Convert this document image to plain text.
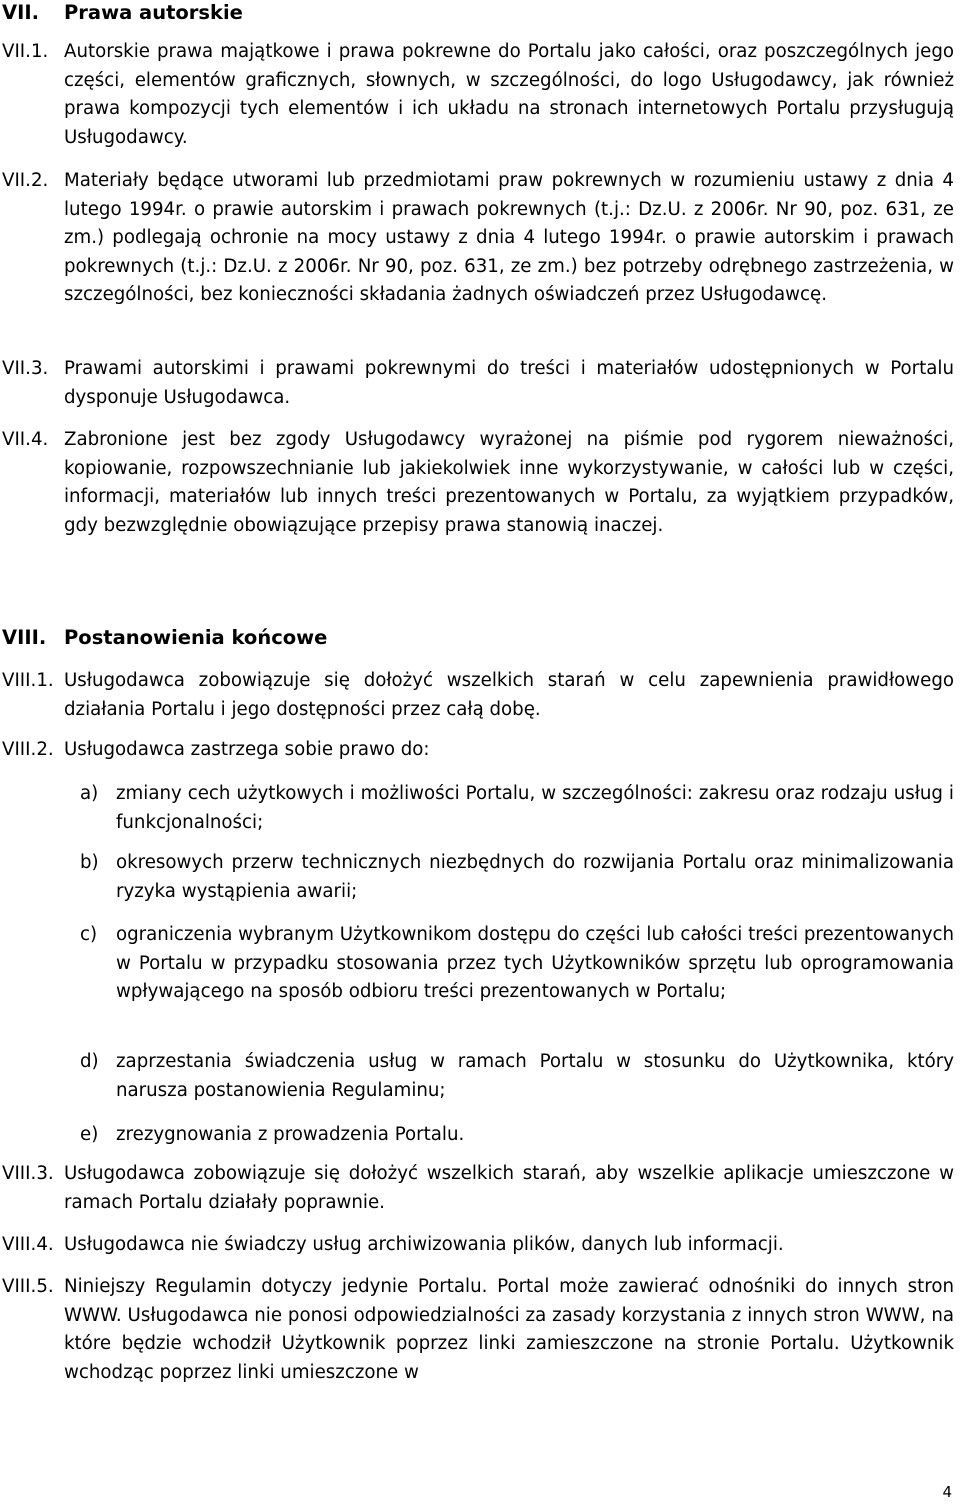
VII.	Prawa autorskie
VII.1. Autorskie prawa majątkowe i prawa pokrewne do Portalu jako całości, oraz poszczególnych jego części, elementów graficznych, słownych, w szczególności, do logo Usługodawcy, jak również prawa kompozycji tych elementów i ich układu na stronach internetowych Portalu przysługują Usługodawcy.
VII.2. Materiały będące utworami lub przedmiotami praw pokrewnych w rozumieniu ustawy z dnia 4 lutego 1994r. o prawie autorskim i prawach pokrewnych (t.j.: Dz.U. z 2006r. Nr 90, poz. 631, ze zm.) podlegają ochronie na mocy ustawy z dnia 4 lutego 1994r. o prawie autorskim i prawach pokrewnych (t.j.: Dz.U. z 2006r. Nr 90, poz. 631, ze zm.) bez potrzeby odrębnego zastrzeżenia, w szczególności, bez konieczności składania żadnych oświadczeń przez Usługodawcę.
VII.3. Prawami autorskimi i prawami pokrewnymi do treści i materiałów udostępnionych w Portalu dysponuje Usługodawca.
VII.4. Zabronione jest bez zgody Usługodawcy wyrażonej na piśmie pod rygorem nieważności, kopiowanie, rozpowszechnianie lub jakiekolwiek inne wykorzystywanie, w całości lub w części, informacji, materiałów lub innych treści prezentowanych w Portalu, za wyjątkiem przypadków, gdy bezwzględnie obowiązujące przepisy prawa stanowią inaczej.
VIII. Postanowienia końcowe
VIII.1. Usługodawca zobowiązuje się dołożyć wszelkich starań w celu zapewnienia prawidłowego działania Portalu i jego dostępności przez całą dobę.
VIII.2. Usługodawca zastrzega sobie prawo do:
a) zmiany cech użytkowych i możliwości Portalu, w szczególności: zakresu oraz rodzaju usług i funkcjonalności;
b) okresowych przerw technicznych niezbędnych do rozwijania Portalu oraz minimalizowania ryzyka wystąpienia awarii;
c)	ograniczenia wybranym Użytkownikom dostępu do części lub całości treści prezentowanych w Portalu w przypadku stosowania przez tych Użytkowników sprzętu lub oprogramowania wpływającego na sposób odbioru treści prezentowanych w Portalu;
d) zaprzestania świadczenia usług w ramach Portalu w stosunku do Użytkownika, który narusza postanowienia Regulaminu;
e) zrezygnowania z prowadzenia Portalu.
VIII.3. Usługodawca zobowiązuje się dołożyć wszelkich starań, aby wszelkie aplikacje umieszczone w ramach Portalu działały poprawnie.
VIII.4. Usługodawca nie świadczy usług archiwizowania plików, danych lub informacji.
VIII.5. Niniejszy Regulamin dotyczy jedynie Portalu. Portal może zawierać odnośniki do innych stron WWW. Usługodawca nie ponosi odpowiedzialności za zasady korzystania z innych stron WWW, na które będzie wchodził Użytkownik poprzez linki zamieszczone na stronie Portalu. Użytkownik wchodząc poprzez linki umieszczone w
4
